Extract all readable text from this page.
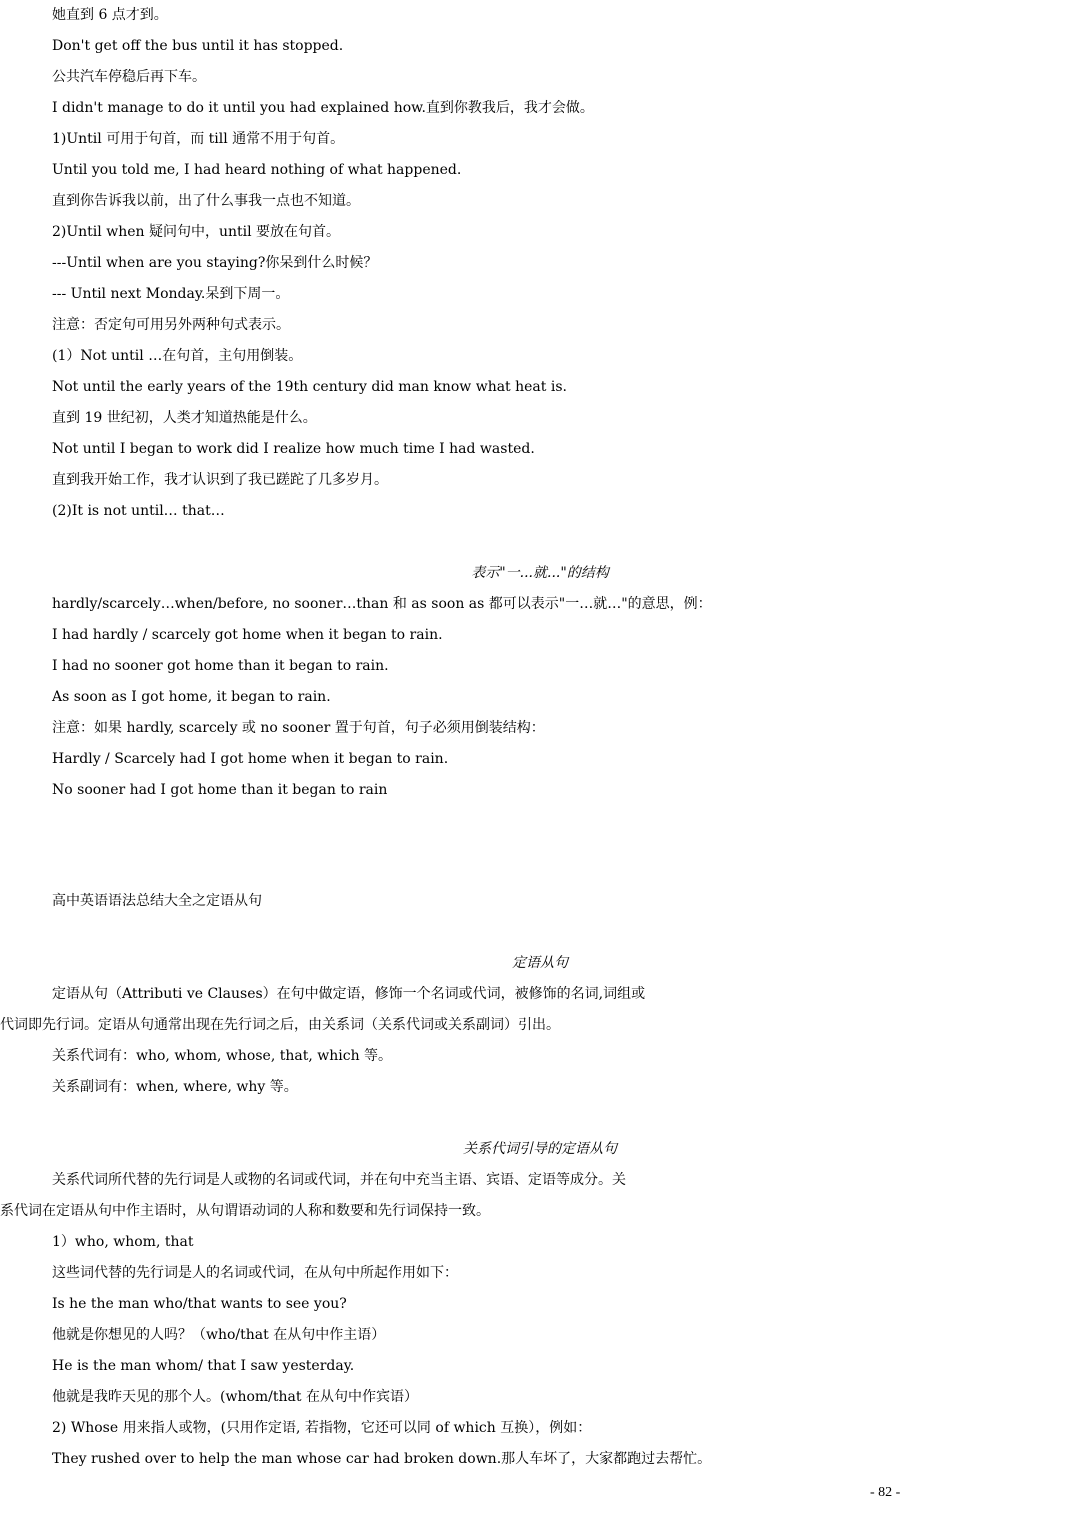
她直到 6 点才到。
Don't get off the bus until it has stopped.
公共汽车停稳后再下车。
I didn't manage to do it until you had explained how.直到你教我后，我才会做。
1)Until 可用于句首，而 till 通常不用于句首。
Until you told me, I had heard nothing of what happened.
直到你告诉我以前，出了什么事我一点也不知道。
2)Until when 疑问句中，until 要放在句首。
---Until when are you staying?你呆到什么时候？
--- Until next Monday.呆到下周一。
注意：否定句可用另外两种句式表示。
(1）Not until …在句首，主句用倒装。
Not until the early years of the 19th century did man know what heat is.
直到 19 世纪初，人类才知道热能是什么。
Not until I began to work did I realize how much time I had wasted.
直到我开始工作，我才认识到了我已蹉跎了几多岁月。
(2)It is not until… that…
表示"一...就..."的结构
hardly/scarcely…when/before, no sooner…than 和 as soon as 都可以表示"一…就…"的意思，例：
I had hardly / scarcely got home when it began to rain.
I had no sooner got home than it began to rain.
As soon as I got home, it began to rain.
注意：如果 hardly, scarcely 或 no sooner 置于句首，句子必须用倒装结构：
Hardly / Scarcely had I got home when it began to rain.
No sooner had I got home than it began to rain
高中英语语法总结大全之定语从句
定语从句
定语从句（Attributi ve Clauses）在句中做定语，修饰一个名词或代词，被修饰的名词,词组或
代词即先行词。定语从句通常出现在先行词之后，由关系词（关系代词或关系副词）引出。
关系代词有：who, whom, whose, that, which 等。
关系副词有：when, where, why 等。
关系代词引导的定语从句
关系代词所代替的先行词是人或物的名词或代词，并在句中充当主语、宾语、定语等成分。关
系代词在定语从句中作主语时，从句谓语动词的人称和数要和先行词保持一致。
1）who, whom, that
这些词代替的先行词是人的名词或代词，在从句中所起作用如下：
Is he the man who/that wants to see you?
他就是你想见的人吗？（who/that 在从句中作主语）
He is the man whom/ that I saw yesterday.
他就是我昨天见的那个人。(whom/that 在从句中作宾语）
2) Whose 用来指人或物，(只用作定语, 若指物，它还可以同 of which 互换），例如：
They rushed over to help the man whose car had broken down.那人车坏了，大家都跑过去帮忙。
- 82 -
